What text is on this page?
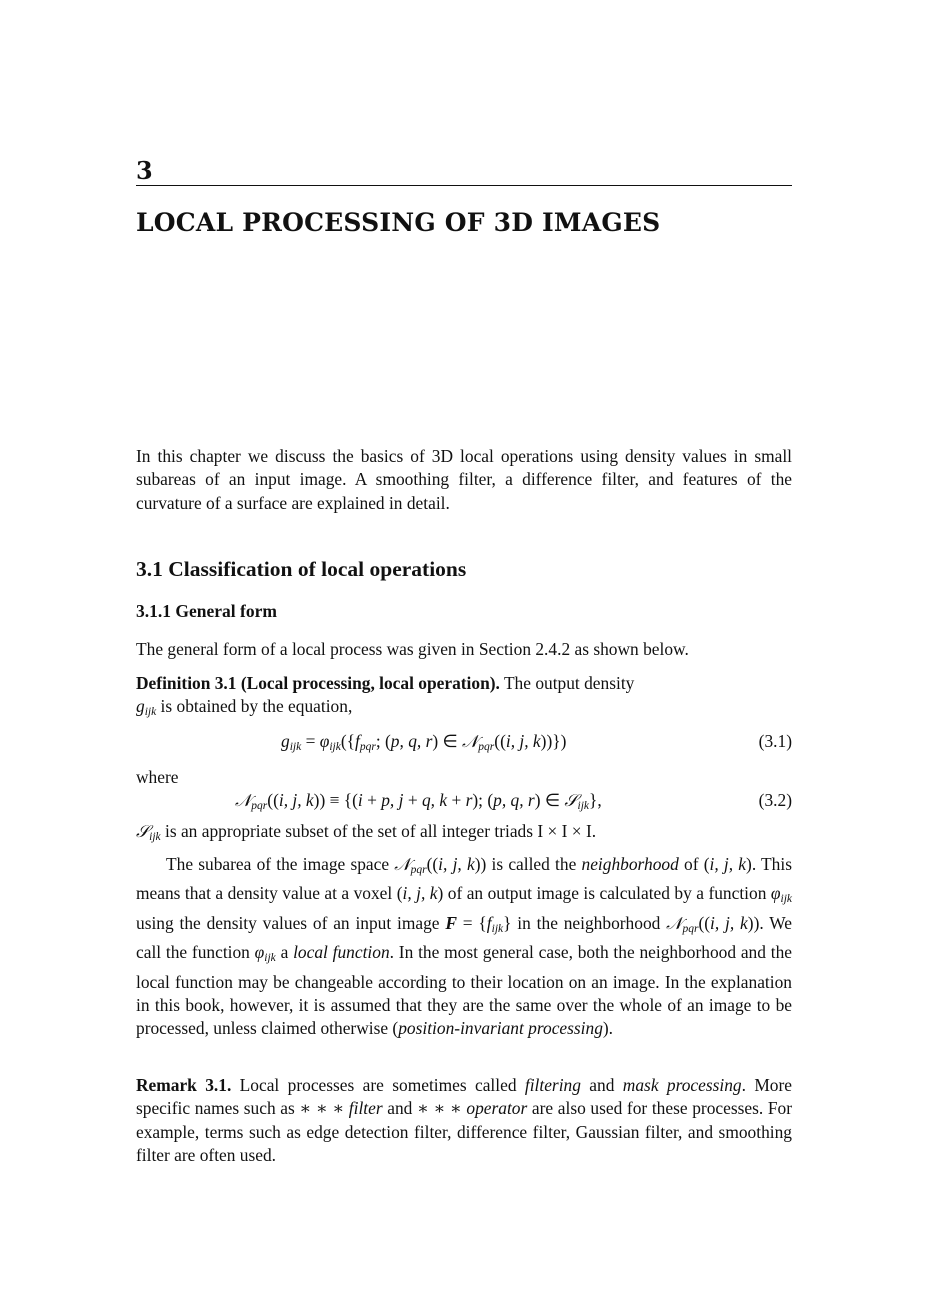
3
LOCAL PROCESSING OF 3D IMAGES

In this chapter we discuss the basics of 3D local operations using density values in small subareas of an input image. A smoothing filter, a difference filter, and features of the curvature of a surface are explained in detail.

3.1 Classification of local operations
3.1.1 General form

The general form of a local process was given in Section 2.4.2 as shown below.

Definition 3.1 (Local processing, local operation). The output density
$g_{ijk}$ is obtained by the equation,

$g_{ijk} = \varphi_{ijk}(\{f_{pqr}$; (p, q, r) ∈ 𝒩$_{pqr}$((i, j, k))})	(3.1)
where
𝒩$_{pqr}$((i, j, k)) ≡ {(i + p, j + q, k + r); (p, q, r) ∈ 𝒮$_{ijk}$},	(3.2)

𝒮$_{ijk}$ is an appropriate subset of the set of all integer triads I × I × I.

The subarea of the image space 𝒩$_{pqr}$((i, j, k)) is called the neighborhood of (i, j, k). This means that a density value at a voxel (i, j, k) of an output image is calculated by a function $\varphi_{ijk}$ using the density values of an input image $F = \{f_{ijk}\}$ in the neighborhood 𝒩$_{pqr}$((i, j, k)). We call the function $\varphi_{ijk}$ a local function. In the most general case, both the neighborhood and the local function may be changeable according to their location on an image. In the explanation in this book, however, it is assumed that they are the same over the whole of an image to be processed, unless claimed otherwise (position-invariant processing).

Remark 3.1. Local processes are sometimes called filtering and mask processing. More specific names such as ∗ ∗ ∗ filter and ∗ ∗ ∗ operator are also used for these processes. For example, terms such as edge detection filter, difference filter, Gaussian filter, and smoothing filter are often used.
